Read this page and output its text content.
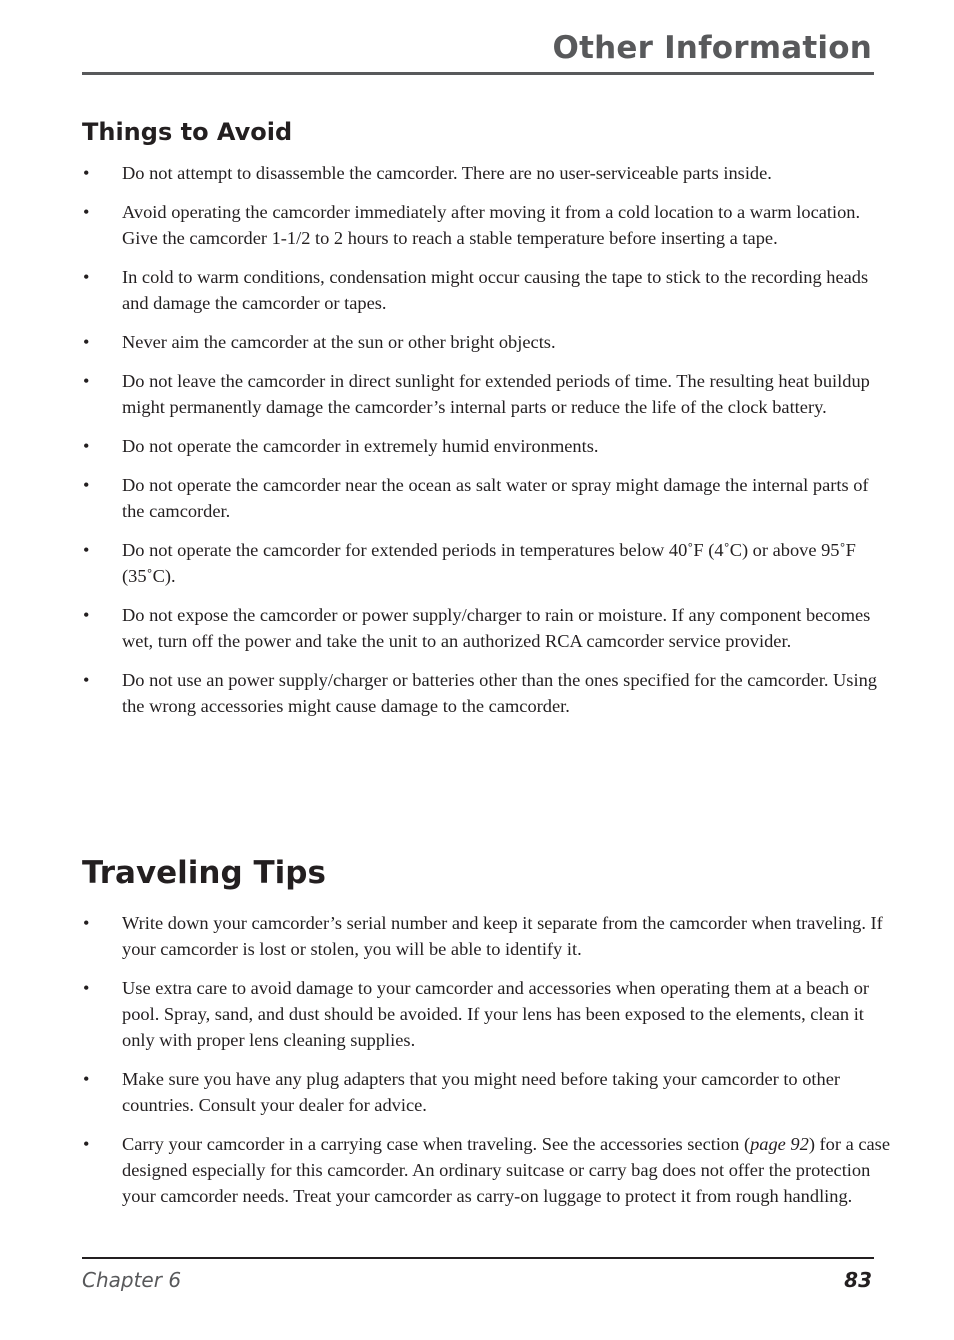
Other Information
Things to Avoid
• Do not attempt to disassemble the camcorder. There are no user-serviceable parts inside.
• Avoid operating the camcorder immediately after moving it from a cold location to a warm location. Give the camcorder 1-1/2 to 2 hours to reach a stable temperature before inserting a tape.
• In cold to warm conditions, condensation might occur causing the tape to stick to the recording heads and damage the camcorder or tapes.
• Never aim the camcorder at the sun or other bright objects.
• Do not leave the camcorder in direct sunlight for extended periods of time. The resulting heat buildup might permanently damage the camcorder’s internal parts or reduce the life of the clock battery.
• Do not operate the camcorder in extremely humid environments.
• Do not operate the camcorder near the ocean as salt water or spray might damage the internal parts of the camcorder.
• Do not operate the camcorder for extended periods in temperatures below 40˚F (4˚C) or above 95˚F (35˚C).
• Do not expose the camcorder or power supply/charger to rain or moisture. If any component becomes wet, turn off the power and take the unit to an authorized RCA camcorder service provider.
• Do not use an power supply/charger or batteries other than the ones specified for the camcorder. Using the wrong accessories might cause damage to the camcorder.
Traveling Tips
• Write down your camcorder’s serial number and keep it separate from the camcorder when traveling. If your camcorder is lost or stolen, you will be able to identify it.
• Use extra care to avoid damage to your camcorder and accessories when operating them at a beach or pool. Spray, sand, and dust should be avoided. If your lens has been exposed to the elements, clean it only with proper lens cleaning supplies.
• Make sure you have any plug adapters that you might need before taking your camcorder to other countries. Consult your dealer for advice.
• Carry your camcorder in a carrying case when traveling. See the accessories section (page 92) for a case designed especially for this camcorder. An ordinary suitcase or carry bag does not offer the protection your camcorder needs. Treat your camcorder as carry-on luggage to protect it from rough handling.

Chapter 6	83
